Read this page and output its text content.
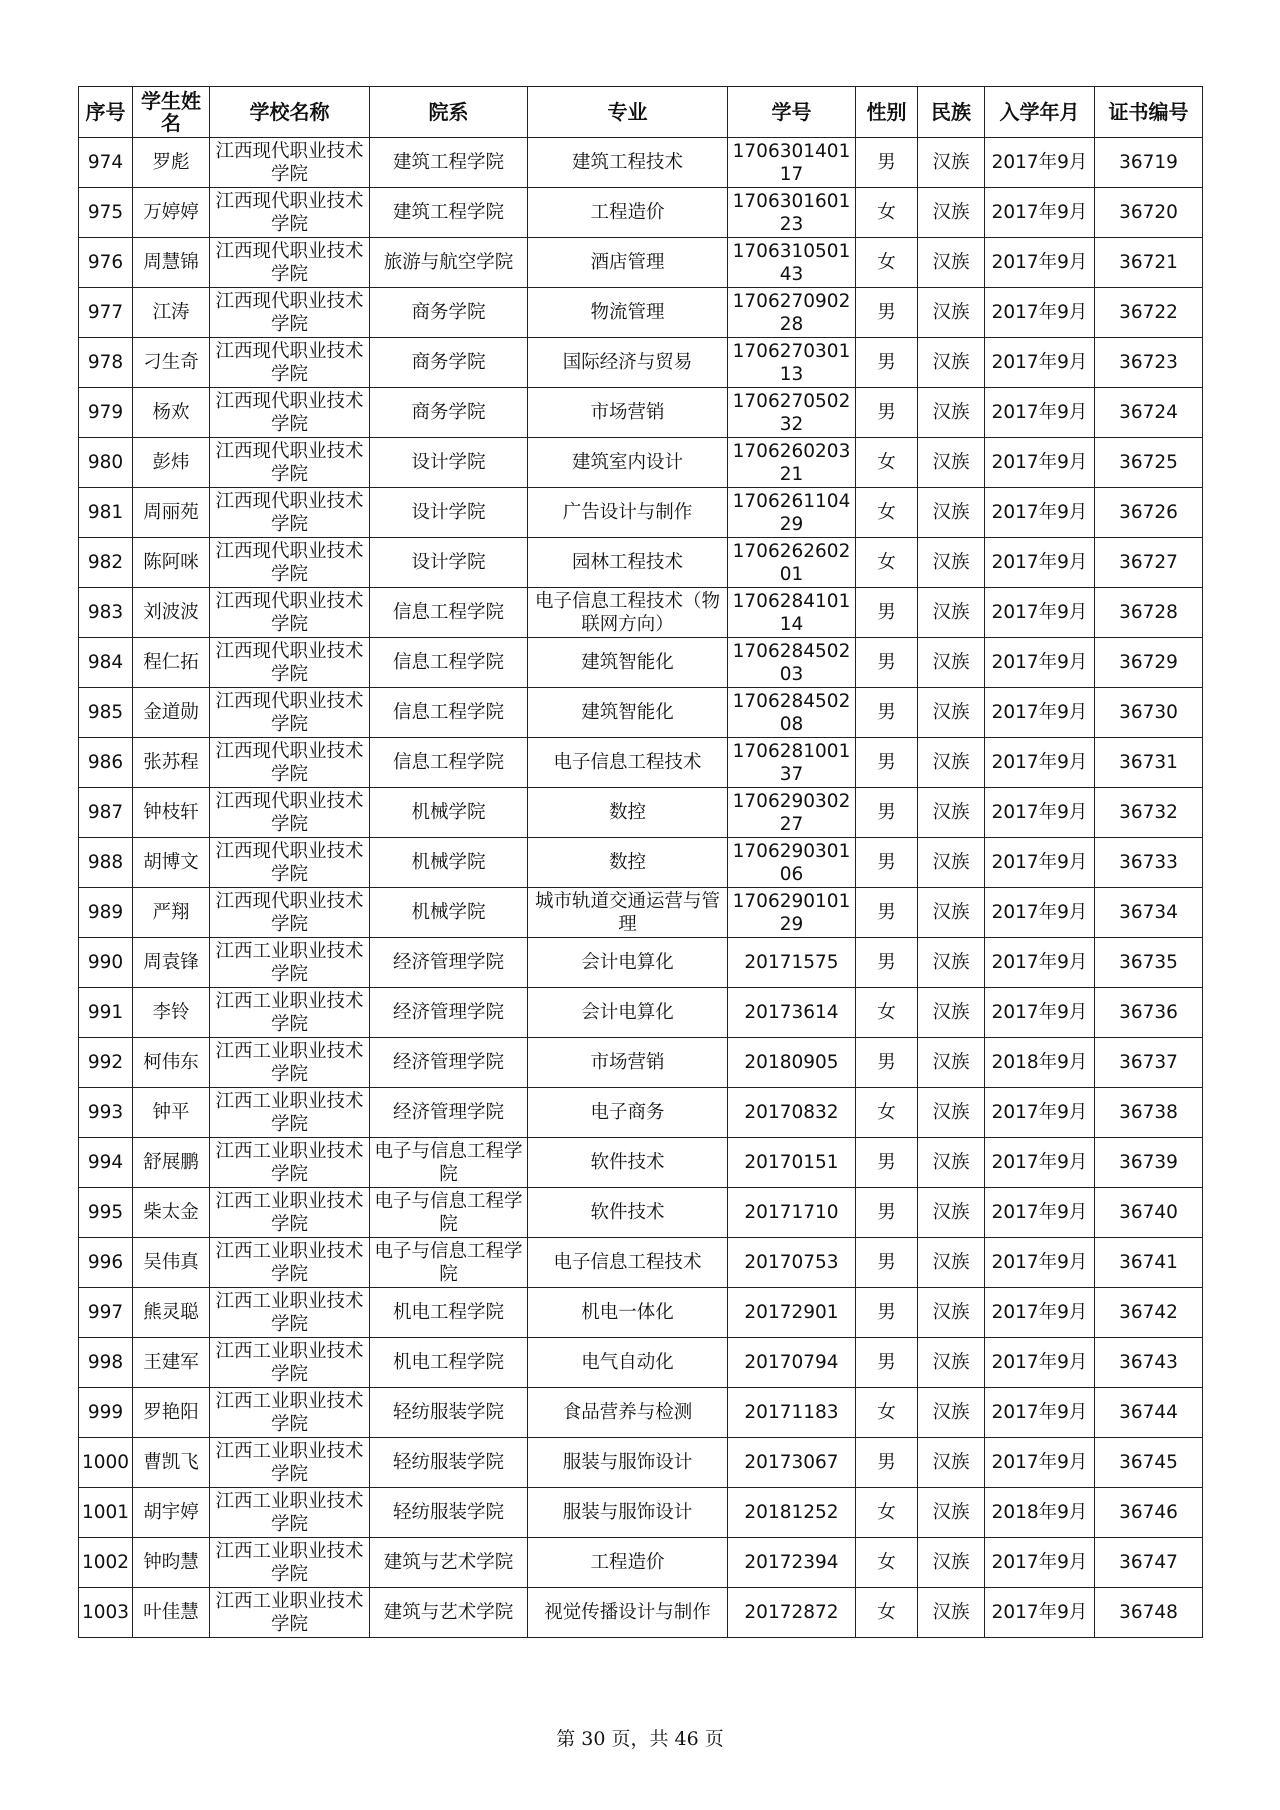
序号	学生姓名	学校名称	院系	专业	学号	性别	民族	入学年月	证书编号
974	罗彪	江西现代职业技术学院	建筑工程学院	建筑工程技术	170630140117	男	汉族	2017年9月	36719
975	万婷婷	江西现代职业技术学院	建筑工程学院	工程造价	170630160123	女	汉族	2017年9月	36720
976	周慧锦	江西现代职业技术学院	旅游与航空学院	酒店管理	170631050143	女	汉族	2017年9月	36721
977	江涛	江西现代职业技术学院	商务学院	物流管理	170627090228	男	汉族	2017年9月	36722
978	刁生奇	江西现代职业技术学院	商务学院	国际经济与贸易	170627030113	男	汉族	2017年9月	36723
979	杨欢	江西现代职业技术学院	商务学院	市场营销	170627050232	男	汉族	2017年9月	36724
980	彭炜	江西现代职业技术学院	设计学院	建筑室内设计	170626020321	女	汉族	2017年9月	36725
981	周丽苑	江西现代职业技术学院	设计学院	广告设计与制作	170626110429	女	汉族	2017年9月	36726
982	陈阿咪	江西现代职业技术学院	设计学院	园林工程技术	170626260201	女	汉族	2017年9月	36727
983	刘波波	江西现代职业技术学院	信息工程学院	电子信息工程技术（物联网方向）	170628410114	男	汉族	2017年9月	36728
984	程仁拓	江西现代职业技术学院	信息工程学院	建筑智能化	170628450203	男	汉族	2017年9月	36729
985	金道勋	江西现代职业技术学院	信息工程学院	建筑智能化	170628450208	男	汉族	2017年9月	36730
986	张苏程	江西现代职业技术学院	信息工程学院	电子信息工程技术	170628100137	男	汉族	2017年9月	36731
987	钟枝轩	江西现代职业技术学院	机械学院	数控	170629030227	男	汉族	2017年9月	36732
988	胡博文	江西现代职业技术学院	机械学院	数控	170629030106	男	汉族	2017年9月	36733
989	严翔	江西现代职业技术学院	机械学院	城市轨道交通运营与管理	170629010129	男	汉族	2017年9月	36734
990	周袁锋	江西工业职业技术学院	经济管理学院	会计电算化	20171575	男	汉族	2017年9月	36735
991	李铃	江西工业职业技术学院	经济管理学院	会计电算化	20173614	女	汉族	2017年9月	36736
992	柯伟东	江西工业职业技术学院	经济管理学院	市场营销	20180905	男	汉族	2018年9月	36737
993	钟平	江西工业职业技术学院	经济管理学院	电子商务	20170832	女	汉族	2017年9月	36738
994	舒展鹏	江西工业职业技术学院	电子与信息工程学院	软件技术	20170151	男	汉族	2017年9月	36739
995	柴太金	江西工业职业技术学院	电子与信息工程学院	软件技术	20171710	男	汉族	2017年9月	36740
996	吴伟真	江西工业职业技术学院	电子与信息工程学院	电子信息工程技术	20170753	男	汉族	2017年9月	36741
997	熊灵聪	江西工业职业技术学院	机电工程学院	机电一体化	20172901	男	汉族	2017年9月	36742
998	王建军	江西工业职业技术学院	机电工程学院	电气自动化	20170794	男	汉族	2017年9月	36743
999	罗艳阳	江西工业职业技术学院	轻纺服装学院	食品营养与检测	20171183	女	汉族	2017年9月	36744
1000	曹凯飞	江西工业职业技术学院	轻纺服装学院	服装与服饰设计	20173067	男	汉族	2017年9月	36745
1001	胡宇婷	江西工业职业技术学院	轻纺服装学院	服装与服饰设计	20181252	女	汉族	2018年9月	36746
1002	钟昀慧	江西工业职业技术学院	建筑与艺术学院	工程造价	20172394	女	汉族	2017年9月	36747
1003	叶佳慧	江西工业职业技术学院	建筑与艺术学院	视觉传播设计与制作	20172872	女	汉族	2017年9月	36748
第 30 页，共 46 页
